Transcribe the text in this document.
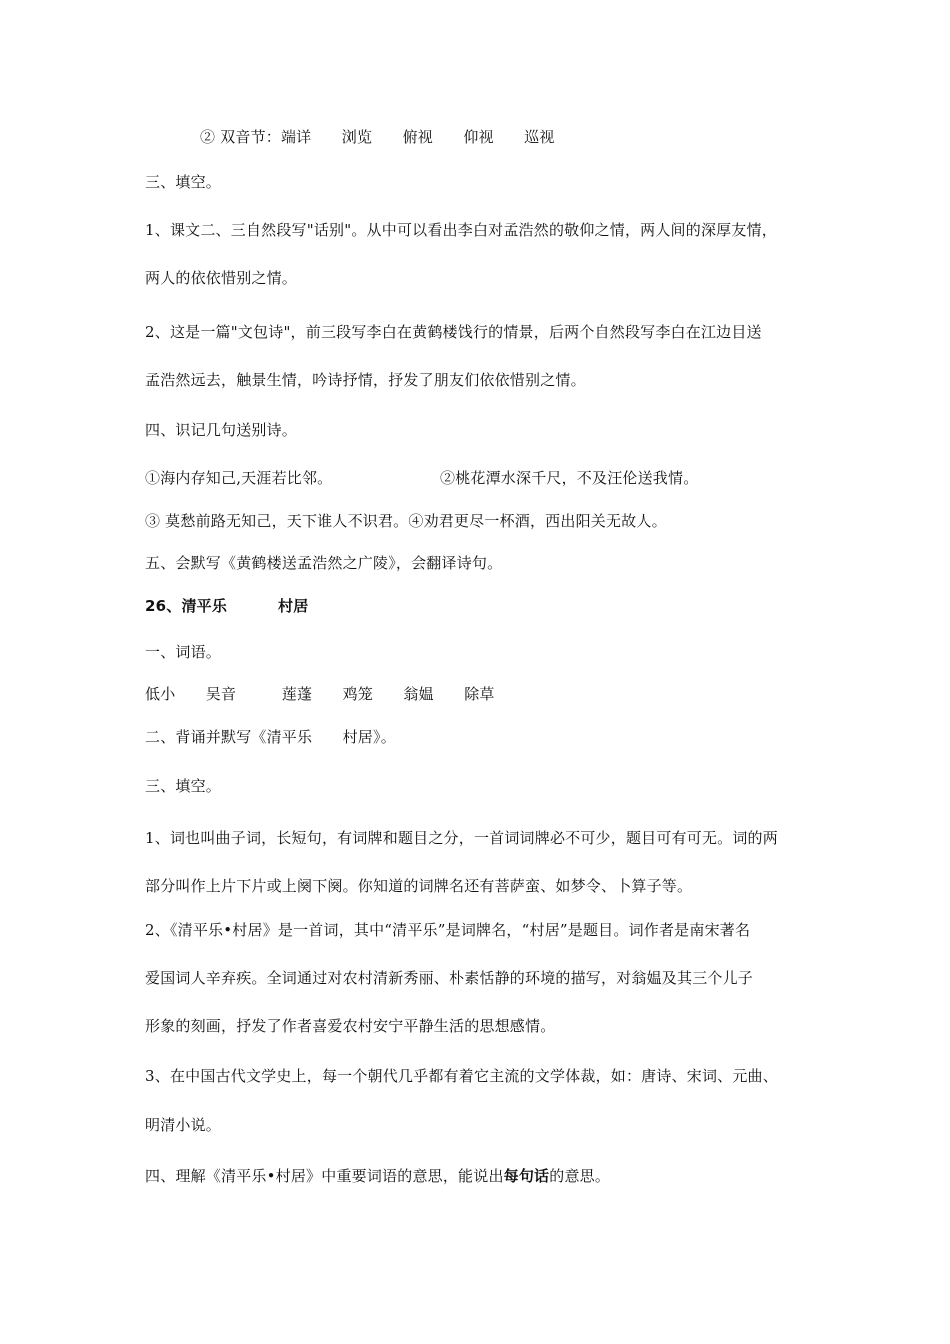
② 双音节：端详　　浏览　　俯视　　仰视　　巡视
三、填空。
1、课文二、三自然段写"话别"。从中可以看出李白对孟浩然的敬仰之情，两人间的深厚友情，
两人的依依惜别之情。
2、这是一篇"文包诗"，前三段写李白在黄鹤楼饯行的情景，后两个自然段写李白在江边目送
孟浩然远去，触景生情，吟诗抒情，抒发了朋友们依依惜别之情。
四、识记几句送别诗。
①海内存知己,天涯若比邻。	②桃花潭水深千尺，不及汪伦送我情。
③ 莫愁前路无知己，天下谁人不识君。④劝君更尽一杯酒，西出阳关无故人。
五、会默写《黄鹤楼送孟浩然之广陵》，会翻译诗句。
26、清平乐	村居
一、词语。
低小　　吴音　　　莲蓬　　鸡笼　　翁媪　　除草
二、背诵并默写《清平乐　　村居》。
三、填空。
1、词也叫曲子词，长短句，有词牌和题目之分，一首词词牌必不可少，题目可有可无。词的两
部分叫作上片下片或上阕下阕。你知道的词牌名还有菩萨蛮、如梦令、卜算子等。
2、《清平乐•村居》是一首词，其中“清平乐”是词牌名，“村居”是题目。词作者是南宋著名
爱国词人辛弃疾。全词通过对农村清新秀丽、朴素恬静的环境的描写，对翁媪及其三个儿子
形象的刻画，抒发了作者喜爱农村安宁平静生活的思想感情。
3、在中国古代文学史上，每一个朝代几乎都有着它主流的文学体裁，如：唐诗、宋词、元曲、
明清小说。
四、理解《清平乐•村居》中重要词语的意思，能说出每句话的意思。
